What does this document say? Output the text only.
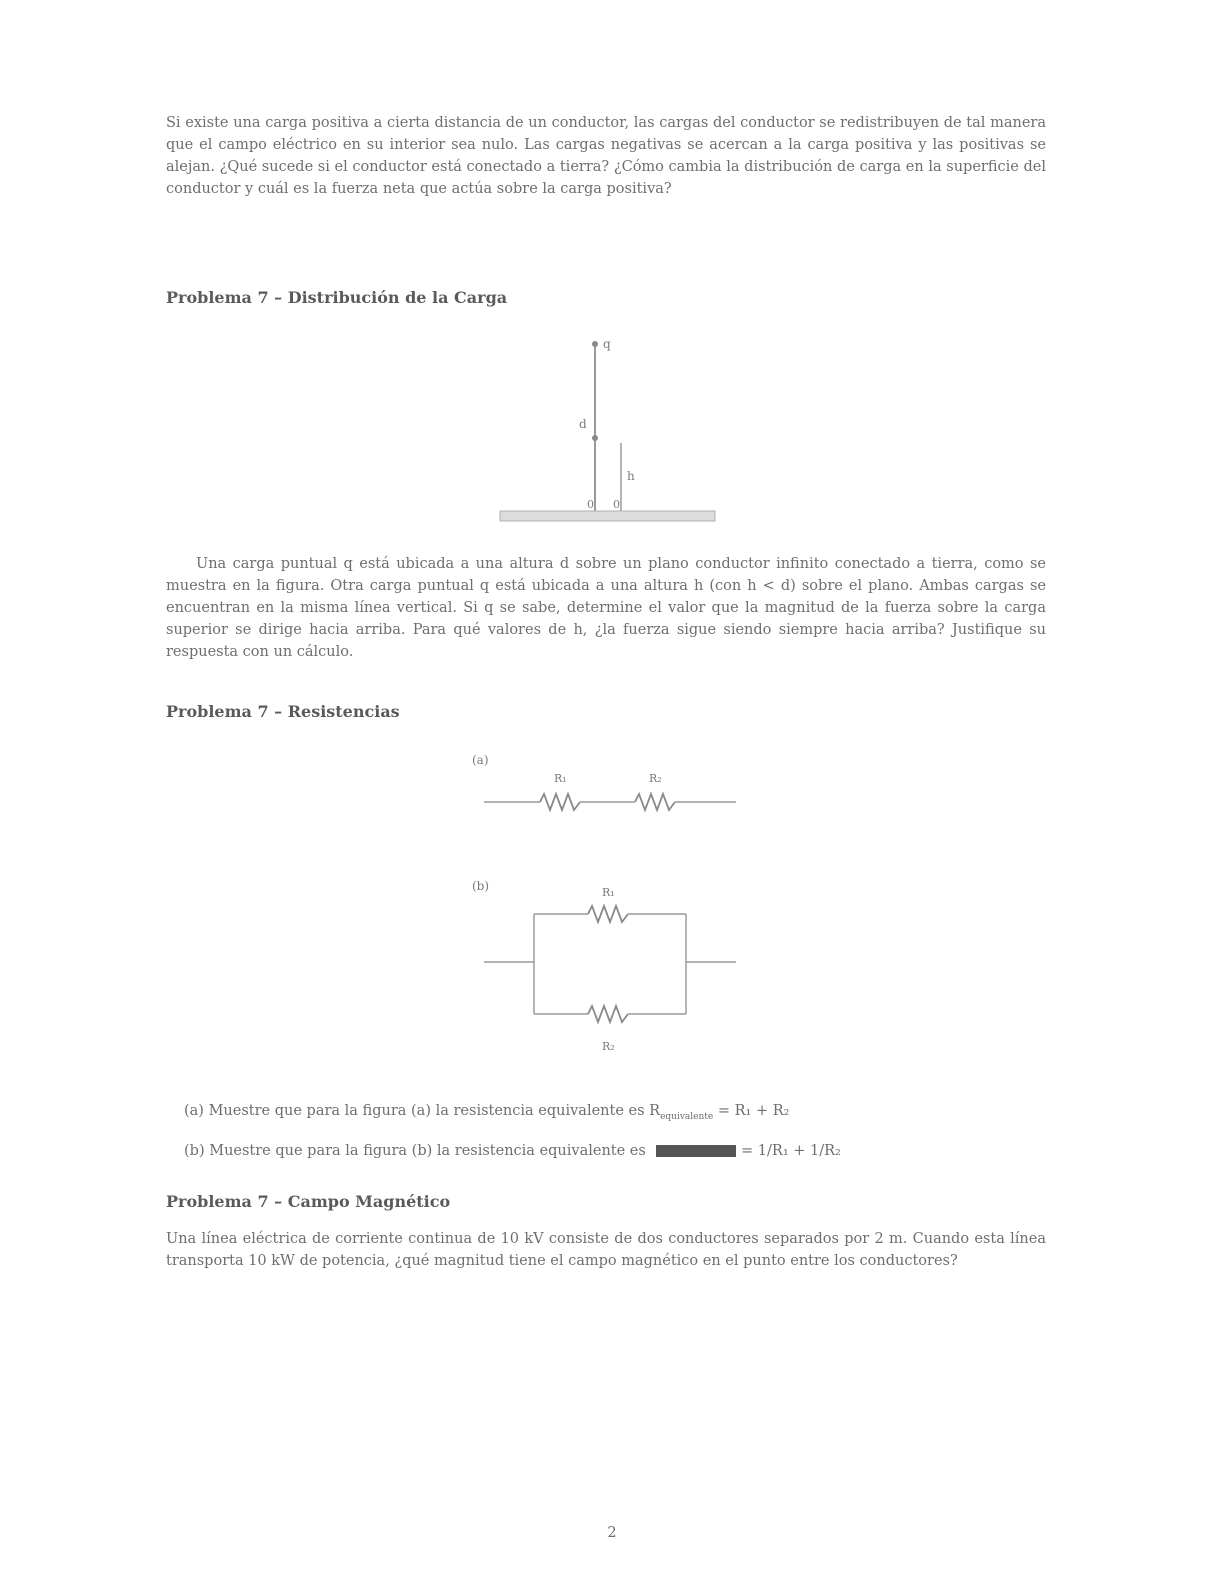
Si existe una carga positiva a cierta distancia de un conductor, las cargas del conductor se redistribuyen de tal manera que el campo eléctrico en su interior sea nulo. Las cargas negativas se acercan a la carga positiva y las positivas se alejan. ¿Qué sucede si el conductor está conectado a tierra? ¿Cómo cambia la distribución de carga en la superficie del conductor y cuál es la fuerza neta que actúa sobre la carga positiva?

Problema 7 – Distribución de la Carga

q
d
h
0 0

Una carga puntual q está ubicada a una altura d sobre un plano conductor infinito conectado a tierra, como se muestra en la figura. Otra carga puntual q está ubicada a una altura h (con h < d) sobre el plano. Ambas cargas se encuentran en la misma línea vertical. Si q se sabe, determine el valor que la magnitud de la fuerza sobre la carga superior se dirige hacia arriba. Para qué valores de h, ¿la fuerza sigue siendo siempre hacia arriba? Justifique su respuesta con un cálculo.

Problema 7 – Resistencias

(a)
R₁	R₂
(b)	R₁
R₂
(a) Muestre que para la figura (a) la resistencia equivalente es $R_{equivalente} = R_1 + R_2$
(b) Muestre que para la figura (b) la resistencia equivalente es	= 1/R₁ + 1/R₂

Problema 7 – Campo Magnético

Una línea eléctrica de corriente continua de 10 kV consiste de dos conductores separados por 2 m. Cuando esta línea transporta 10 kW de potencia, ¿qué magnitud tiene el campo magnético en el punto entre los conductores?

2
